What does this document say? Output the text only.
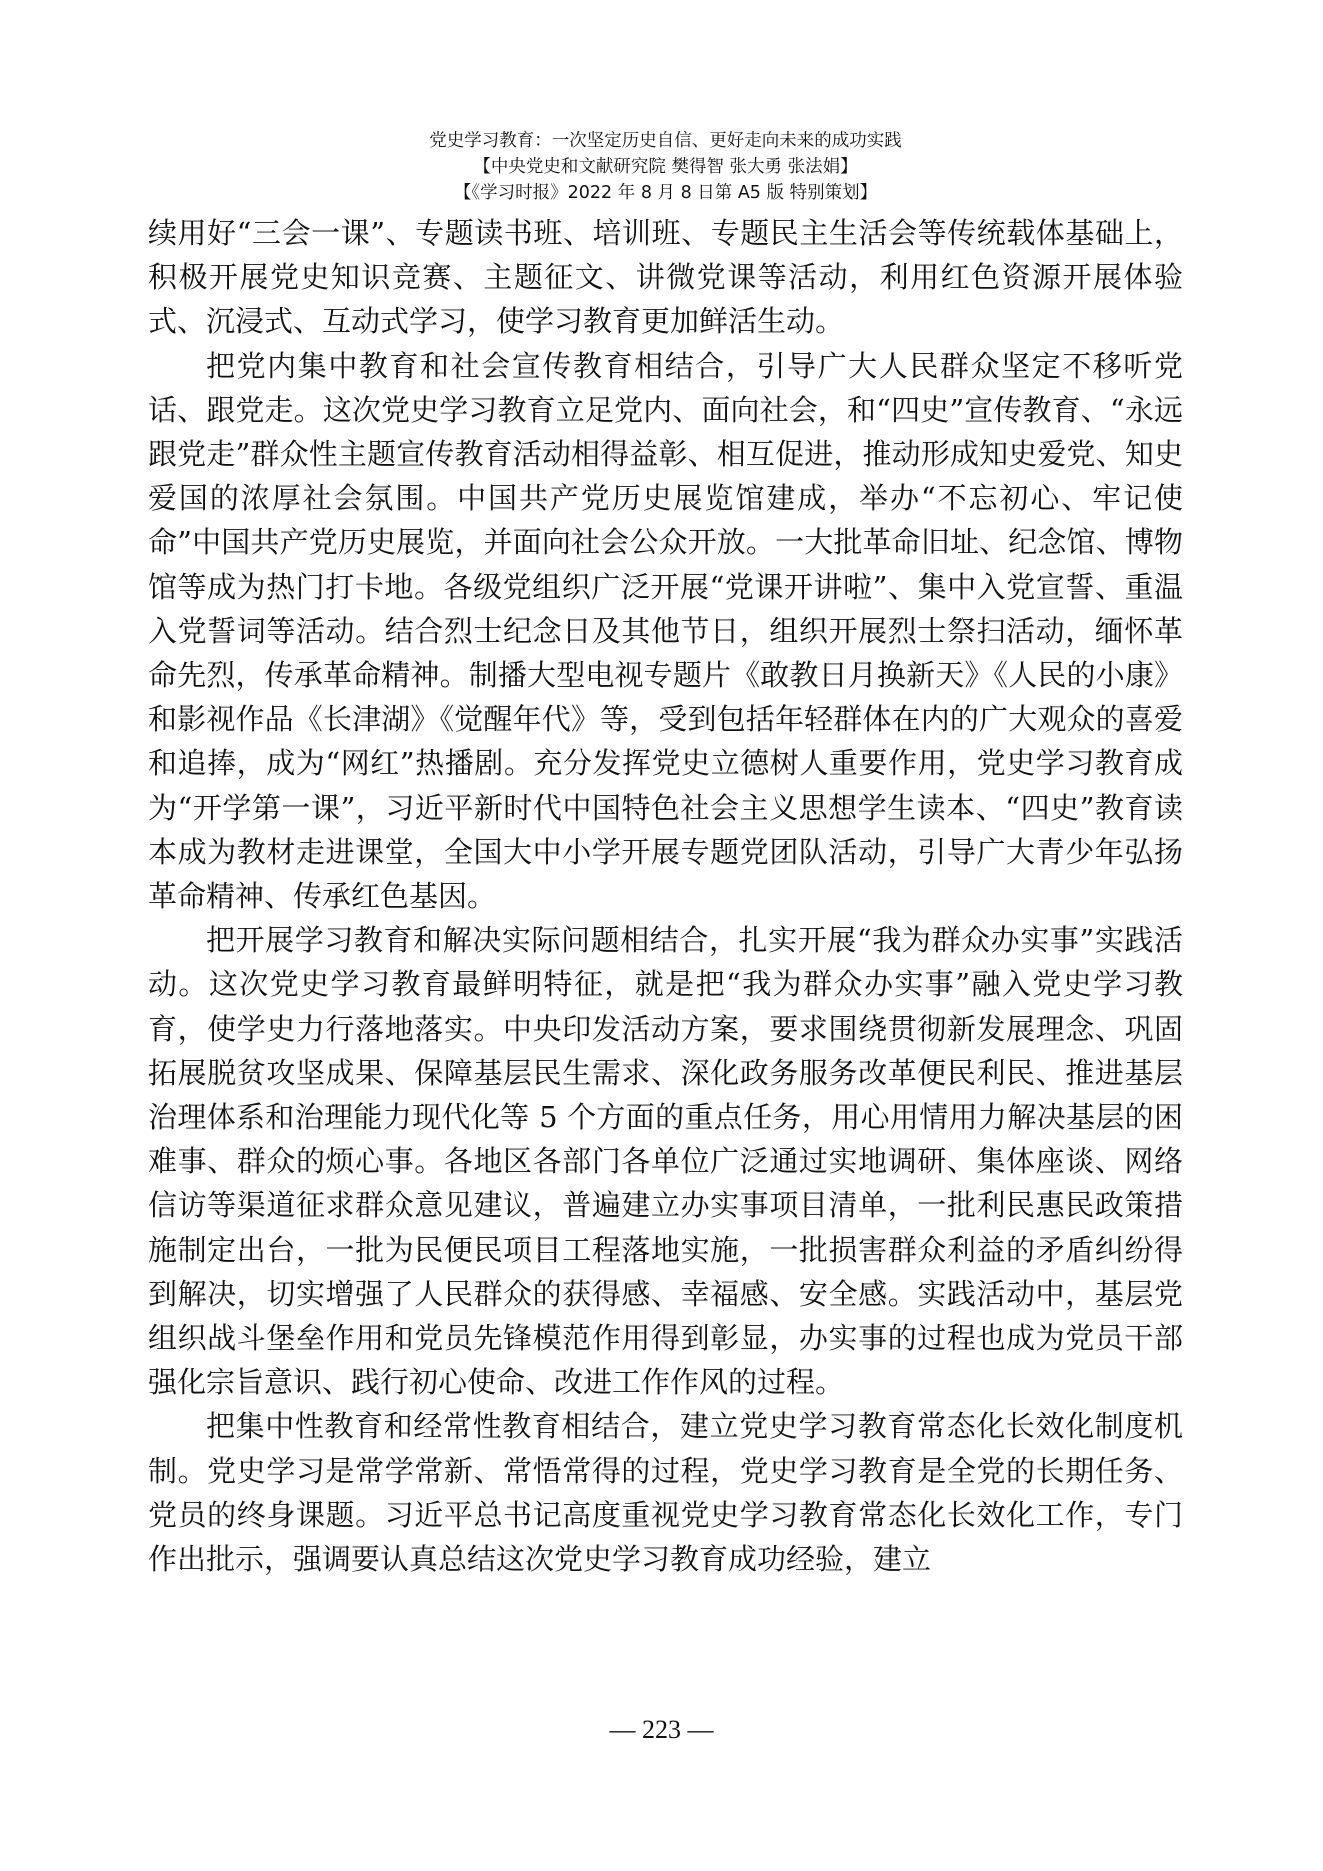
党史学习教育：一次坚定历史自信、更好走向未来的成功实践
【中央党史和文献研究院 樊得智 张大勇 张法娟】
【《学习时报》2022 年 8 月 8 日第 A5 版 特别策划】

续用好“三会一课”、专题读书班、培训班、专题民主生活会等传统载体基础上，积极开展党史知识竞赛、主题征文、讲微党课等活动，利用红色资源开展体验式、沉浸式、互动式学习，使学习教育更加鲜活生动。

把党内集中教育和社会宣传教育相结合，引导广大人民群众坚定不移听党话、跟党走。这次党史学习教育立足党内、面向社会，和“四史”宣传教育、“永远跟党走”群众性主题宣传教育活动相得益彰、相互促进，推动形成知史爱党、知史爱国的浓厚社会氛围。中国共产党历史展览馆建成，举办“不忘初心、牢记使命”中国共产党历史展览，并面向社会公众开放。一大批革命旧址、纪念馆、博物馆等成为热门打卡地。各级党组织广泛开展“党课开讲啦”、集中入党宣誓、重温入党誓词等活动。结合烈士纪念日及其他节日，组织开展烈士祭扫活动，缅怀革命先烈，传承革命精神。制播大型电视专题片《敢教日月换新天》《人民的小康》和影视作品《长津湖》《觉醒年代》等，受到包括年轻群体在内的广大观众的喜爱和追捧，成为“网红”热播剧。充分发挥党史立德树人重要作用，党史学习教育成为“开学第一课”，习近平新时代中国特色社会主义思想学生读本、“四史”教育读本成为教材走进课堂，全国大中小学开展专题党团队活动，引导广大青少年弘扬革命精神、传承红色基因。

把开展学习教育和解决实际问题相结合，扎实开展“我为群众办实事”实践活动。这次党史学习教育最鲜明特征，就是把“我为群众办实事”融入党史学习教育，使学史力行落地落实。中央印发活动方案，要求围绕贯彻新发展理念、巩固拓展脱贫攻坚成果、保障基层民生需求、深化政务服务改革便民利民、推进基层治理体系和治理能力现代化等 5 个方面的重点任务，用心用情用力解决基层的困难事、群众的烦心事。各地区各部门各单位广泛通过实地调研、集体座谈、网络信访等渠道征求群众意见建议，普遍建立办实事项目清单，一批利民惠民政策措施制定出台，一批为民便民项目工程落地实施，一批损害群众利益的矛盾纠纷得到解决，切实增强了人民群众的获得感、幸福感、安全感。实践活动中，基层党组织战斗堡垒作用和党员先锋模范作用得到彰显，办实事的过程也成为党员干部强化宗旨意识、践行初心使命、改进工作作风的过程。

把集中性教育和经常性教育相结合，建立党史学习教育常态化长效化制度机制。党史学习是常学常新、常悟常得的过程，党史学习教育是全党的长期任务、党员的终身课题。习近平总书记高度重视党史学习教育常态化长效化工作，专门作出批示，强调要认真总结这次党史学习教育成功经验，建立

— 223 —
